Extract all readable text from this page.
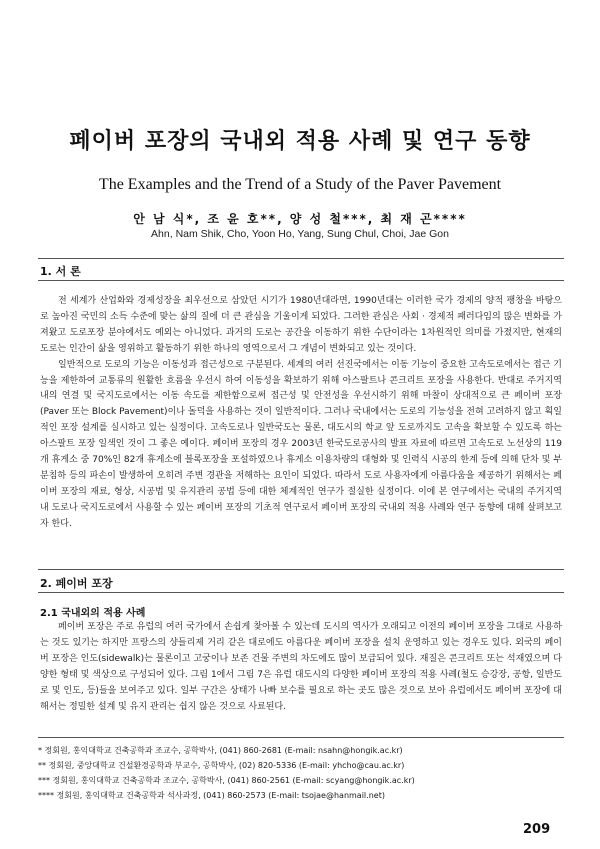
페이버 포장의 국내외 적용 사례 및 연구 동향
The Examples and the Trend of a Study of the Paver Pavement
안 남 식*, 조 윤 호**, 양 성 철***, 최 재 곤****
Ahn, Nam Shik, Cho, Yoon Ho, Yang, Sung Chul, Choi, Jae Gon
1. 서 론

전 세계가 산업화와 경제성장을 최우선으로 삼았던 시기가 1980년대라면, 1990년대는 이러한 국가 경제의 양적 팽창을 바탕으로 높아진 국민의 소득 수준에 맞는 삶의 질에 더 큰 관심을 기울이게 되었다. 그러한 관심은 사회 · 경제적 패러다임의 많은 변화를 가져왔고 도로포장 분야에서도 예외는 아니었다. 과거의 도로는 공간을 이동하기 위한 수단이라는 1차원적인 의미를 가졌지만, 현재의 도로는 인간이 삶을 영위하고 활동하기 위한 하나의 영역으로서 그 개념이 변화되고 있는 것이다.

일반적으로 도로의 기능은 이동성과 접근성으로 구분된다. 세계의 여러 선진국에서는 이동 기능이 중요한 고속도로에서는 접근 기능을 제한하여 교통류의 원활한 흐름을 우선시 하여 이동성을 확보하기 위해 아스팔트나 콘크리트 포장을 사용한다. 반대로 주거지역 내의 연결 및 국지도로에서는 이동 속도를 제한함으로써 접근성 및 안전성을 우선시하기 위해 마찰이 상대적으로 큰 페이버 포장(Paver 또는 Block Pavement)이나 돌덕을 사용하는 것이 일반적이다. 그러나 국내에서는 도로의 기능성을 전혀 고려하지 않고 획일적인 포장 설계를 실시하고 있는 실정이다. 고속도로나 일반국도는 물론, 대도시의 학교 앞 도로까지도 고속을 확보할 수 있도록 하는 아스팔트 포장 일색인 것이 그 좋은 예이다. 페이버 포장의 경우 2003년 한국도로공사의 발표 자료에 따르면 고속도로 노선상의 119개 휴게소 중 70%인 82개 휴게소에 블록포장을 포설하였으나 휴게소 이용차량의 대형화 및 인력식 시공의 한계 등에 의해 단차 및 부분침하 등의 파손이 발생하여 오히려 주변 경관을 저해하는 요인이 되었다. 따라서 도로 사용자에게 아름다움을 제공하기 위해서는 페이버 포장의 재료, 형상, 시공법 및 유지관리 공법 등에 대한 체계적인 연구가 절실한 실정이다. 이에 본 연구에서는 국내의 주거지역 내 도로나 국지도로에서 사용할 수 있는 페이버 포장의 기초적 연구로서 페이버 포장의 국내외 적용 사례와 연구 동향에 대해 살펴보고자 한다.

2. 페이버 포장
2.1 국내외의 적용 사례

페이버 포장은 주로 유럽의 여러 국가에서 손쉽게 찾아볼 수 있는데 도시의 역사가 오래되고 이전의 페이버 포장을 그대로 사용하는 것도 있기는 하지만 프랑스의 샹들리제 거리 같은 대로에도 아름다운 페이버 포장을 설치 운영하고 있는 경우도 있다. 외국의 페이버 포장은 인도(sidewalk)는 물론이고 고궁이나 보존 건물 주변의 차도에도 많이 보급되어 있다. 재질은 콘크리트 또는 석재였으며 다양한 형태 및 색상으로 구성되어 있다. 그림 1에서 그림 7은 유럽 대도시의 다양한 페이버 포장의 적용 사례(철도 승강장, 공항, 일반도로 및 인도, 등)들을 보여주고 있다. 일부 구간은 상태가 나빠 보수를 필요로 하는 곳도 많은 것으로 보아 유럽에서도 페이버 포장에 대해서는 정밀한 설계 및 유지 관리는 쉽지 않은 것으로 사료된다.

* 정회원, 홍익대학교 건축공학과 조교수, 공학박사, (041) 860-2681 (E-mail: nsahn@hongik.ac.kr)
** 정회원, 중앙대학교 건설환경공학과 부교수, 공학박사, (02) 820-5336 (E-mail: yhcho@cau.ac.kr)
*** 정회원, 홍익대학교 건축공학과 조교수, 공학박사, (041) 860-2561 (E-mail: scyang@hongik.ac.kr)
**** 정회원, 홍익대학교 건축공학과 석사과정, (041) 860-2573 (E-mail: tsojae@hanmail.net)
209
